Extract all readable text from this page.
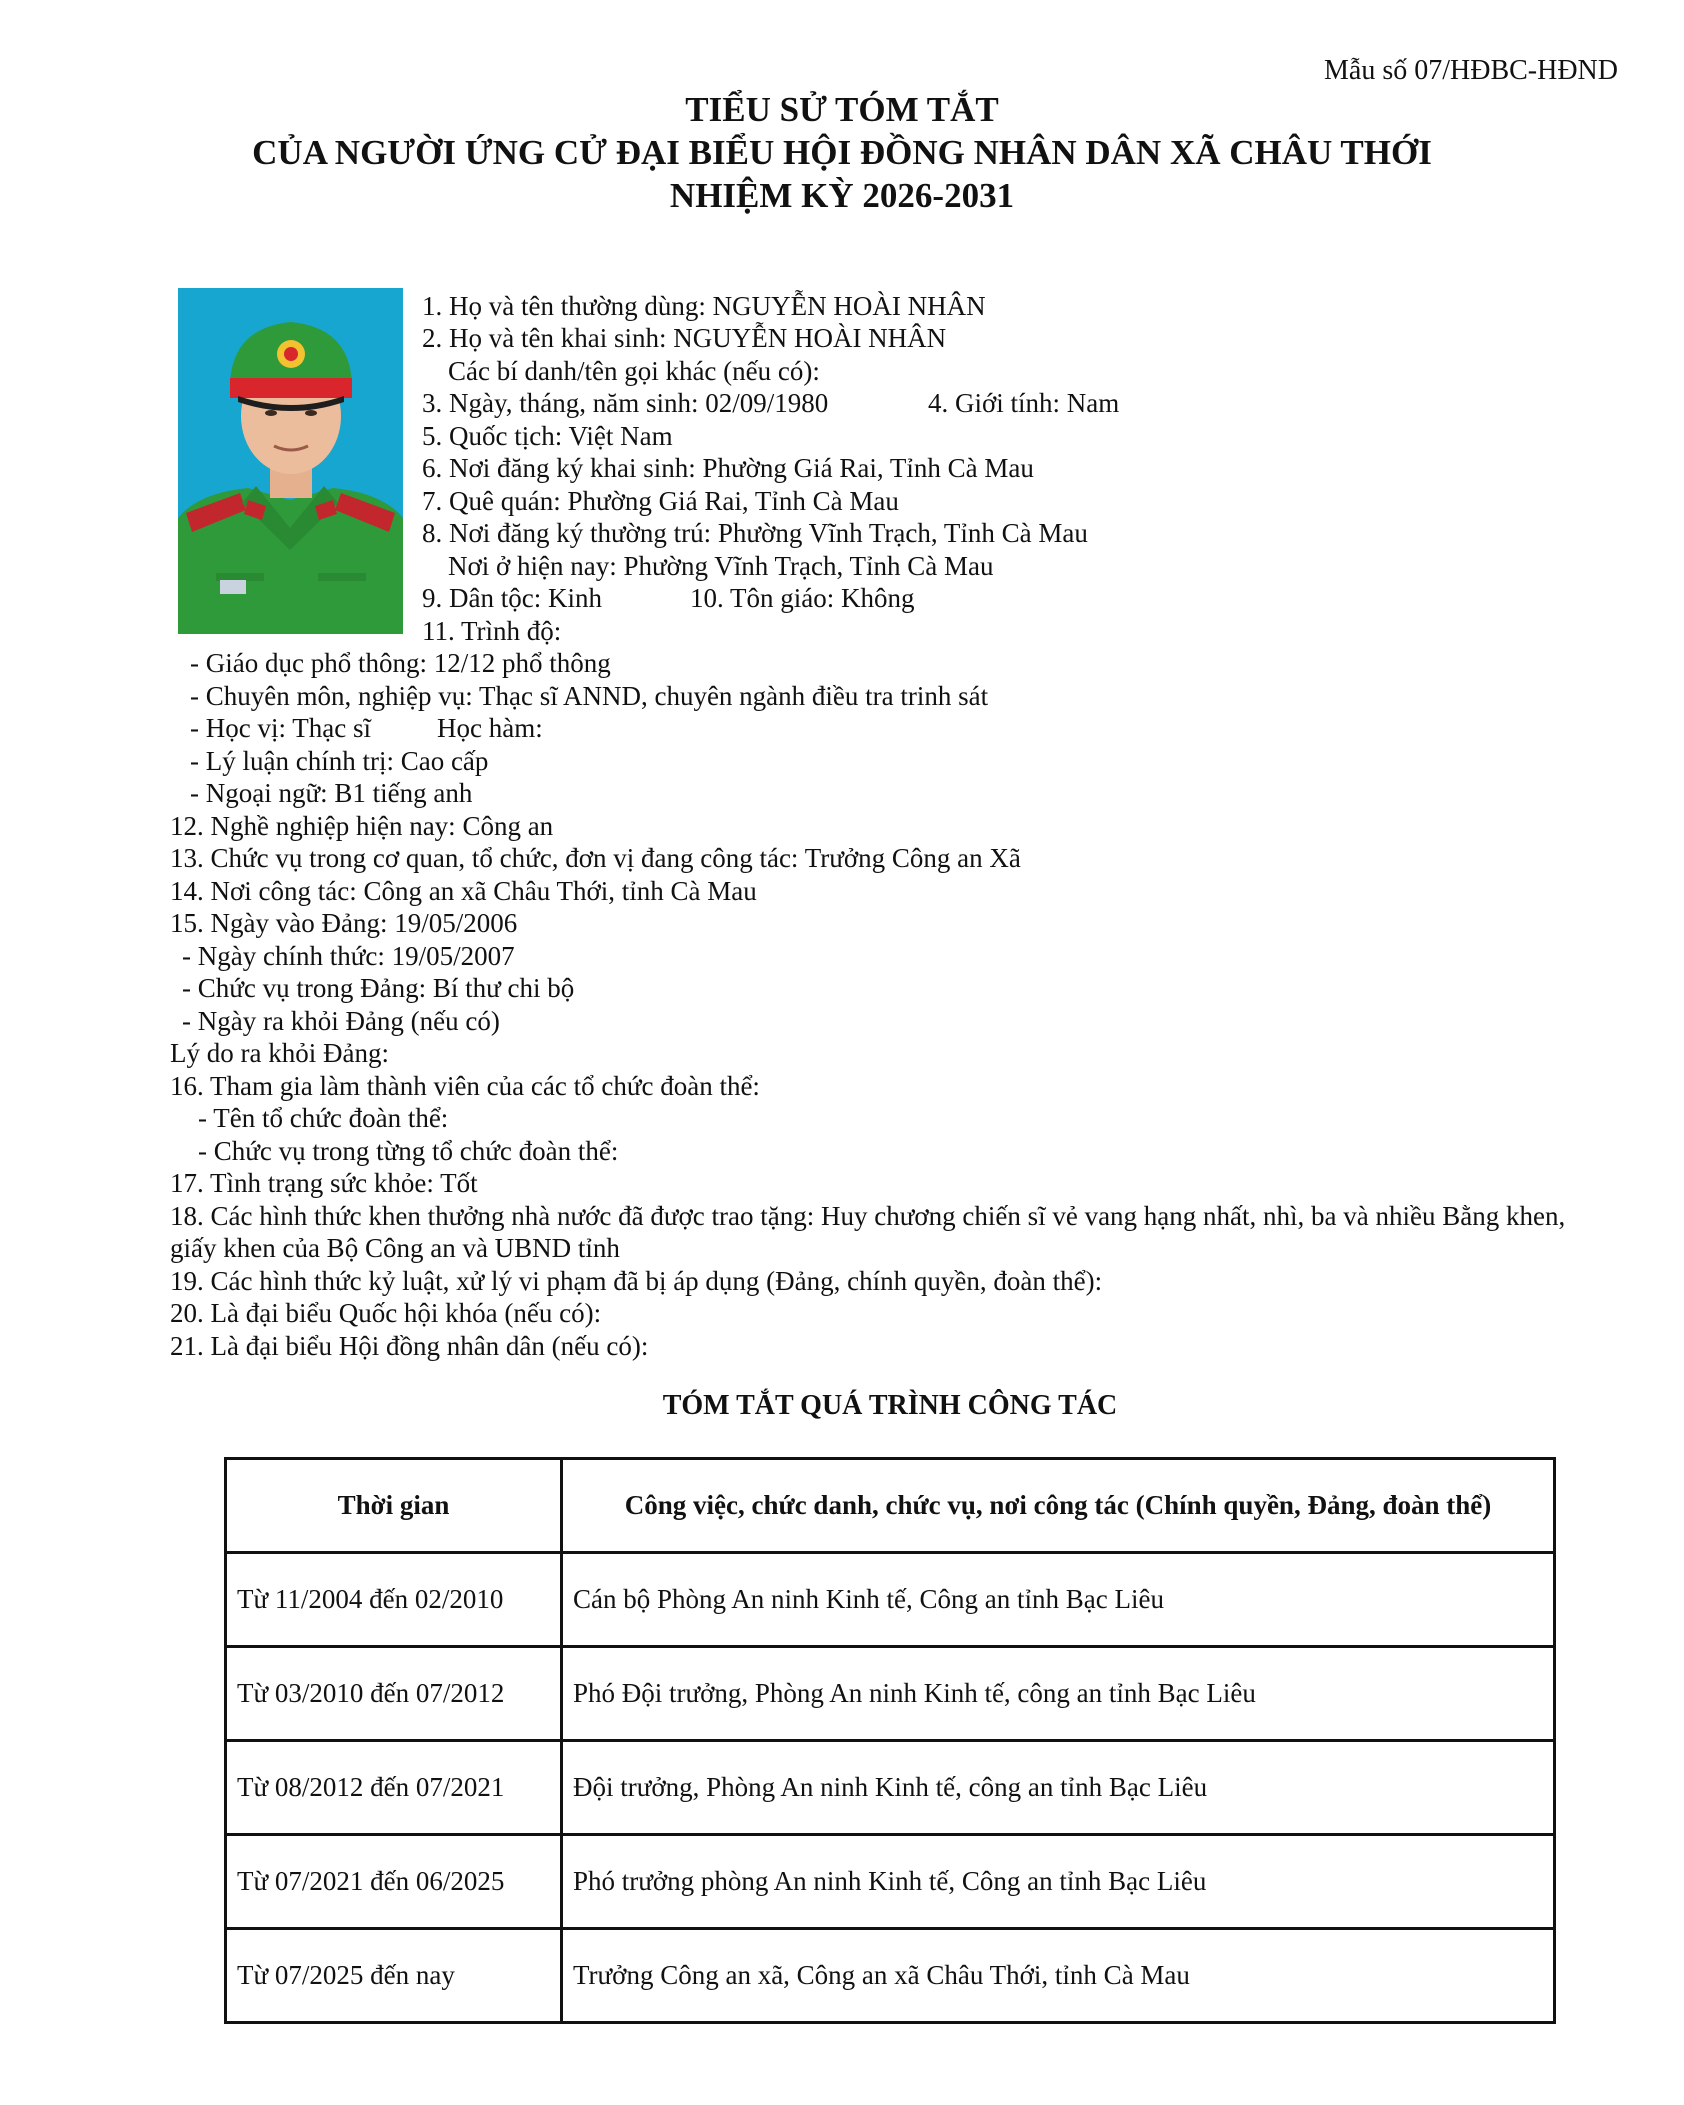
Mẫu số 07/HĐBC-HĐND
TIỂU SỬ TÓM TẮT
CỦA NGƯỜI ỨNG CỬ ĐẠI BIỂU HỘI ĐỒNG NHÂN DÂN XÃ CHÂU THỚI
NHIỆM KỲ 2026-2031
1. Họ và tên thường dùng: NGUYỄN HOÀI NHÂN
2. Họ và tên khai sinh: NGUYỄN HOÀI NHÂN
Các bí danh/tên gọi khác (nếu có):
3. Ngày, tháng, năm sinh: 02/09/1980	4. Giới tính: Nam
5. Quốc tịch: Việt Nam
6. Nơi đăng ký khai sinh: Phường Giá Rai, Tỉnh Cà Mau
7. Quê quán: Phường Giá Rai, Tỉnh Cà Mau
8. Nơi đăng ký thường trú: Phường Vĩnh Trạch, Tỉnh Cà Mau
Nơi ở hiện nay: Phường Vĩnh Trạch, Tỉnh Cà Mau
9. Dân tộc: Kinh	10. Tôn giáo: Không
11. Trình độ:
- Giáo dục phổ thông: 12/12 phổ thông
- Chuyên môn, nghiệp vụ: Thạc sĩ ANND, chuyên ngành điều tra trinh sát
- Học vị: Thạc sĩ Học hàm:
- Lý luận chính trị: Cao cấp
- Ngoại ngữ: B1 tiếng anh
12. Nghề nghiệp hiện nay: Công an
13. Chức vụ trong cơ quan, tổ chức, đơn vị đang công tác: Trưởng Công an Xã
14. Nơi công tác: Công an xã Châu Thới, tỉnh Cà Mau
15. Ngày vào Đảng: 19/05/2006
- Ngày chính thức: 19/05/2007
- Chức vụ trong Đảng: Bí thư chi bộ
- Ngày ra khỏi Đảng (nếu có)
Lý do ra khỏi Đảng:
16. Tham gia làm thành viên của các tổ chức đoàn thể:
- Tên tổ chức đoàn thể:
- Chức vụ trong từng tổ chức đoàn thể:
17. Tình trạng sức khỏe: Tốt
18. Các hình thức khen thưởng nhà nước đã được trao tặng: Huy chương chiến sĩ vẻ vang hạng nhất, nhì, ba và nhiều Bằng khen,
giấy khen của Bộ Công an và UBND tỉnh
19. Các hình thức kỷ luật, xử lý vi phạm đã bị áp dụng (Đảng, chính quyền, đoàn thể):
20. Là đại biểu Quốc hội khóa (nếu có):
21. Là đại biểu Hội đồng nhân dân (nếu có):
TÓM TẮT QUÁ TRÌNH CÔNG TÁC
Thời gian	Công việc, chức danh, chức vụ, nơi công tác (Chính quyền, Đảng, đoàn thể)
Từ 11/2004 đến 02/2010	Cán bộ Phòng An ninh Kinh tế, Công an tỉnh Bạc Liêu
Từ 03/2010 đến 07/2012	Phó Đội trưởng, Phòng An ninh Kinh tế, công an tỉnh Bạc Liêu
Từ 08/2012 đến 07/2021	Đội trưởng, Phòng An ninh Kinh tế, công an tỉnh Bạc Liêu
Từ 07/2021 đến 06/2025	Phó trưởng phòng An ninh Kinh tế, Công an tỉnh Bạc Liêu
Từ 07/2025 đến nay	Trưởng Công an xã, Công an xã Châu Thới, tỉnh Cà Mau
